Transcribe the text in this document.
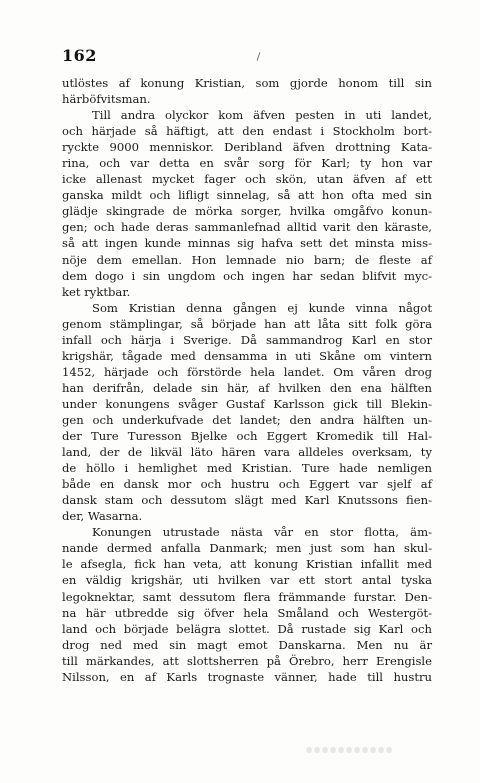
162
utlöstes af konung Kristian, som gjorde honom till sin
härböfvitsman.
Till andra olyckor kom äfven pesten in uti landet,
och härjade så häftigt, att den endast i Stockholm bort-
ryckte 9000 menniskor. Deribland äfven drottning Kata-
rina, och var detta en svår sorg för Karl; ty hon var
icke allenast mycket fager och skön, utan äfven af ett
ganska mildt och lifligt sinnelag, så att hon ofta med sin
glädje skingrade de mörka sorger, hvilka omgåfvo konun-
gen; och hade deras sammanlefnad alltid varit den käraste,
så att ingen kunde minnas sig hafva sett det minsta miss-
nöje dem emellan. Hon lemnade nio barn; de fleste af
dem dogo i sin ungdom och ingen har sedan blifvit myc-
ket ryktbar.
Som Kristian denna gången ej kunde vinna något
genom stämplingar, så började han att låta sitt folk göra
infall och härja i Sverige. Då sammandrog Karl en stor
krigshär, tågade med densamma in uti Skåne om vintern
1452, härjade och förstörde hela landet. Om våren drog
han derifrån, delade sin här, af hvilken den ena hälften
under konungens svåger Gustaf Karlsson gick till Blekin-
gen och underkufvade det landet; den andra hälften un-
der Ture Turesson Bjelke och Eggert Kromedik till Hal-
land, der de likväl läto hären vara alldeles overksam, ty
de höllo i hemlighet med Kristian. Ture hade nemligen
både en dansk mor och hustru och Eggert var sjelf af
dansk stam och dessutom slägt med Karl Knutssons fien-
der, Wasarna.
Konungen utrustade nästa vår en stor flotta, äm-
nande dermed anfalla Danmark; men just som han skul-
le afsegla, fick han veta, att konung Kristian infallit med
en väldig krigshär, uti hvilken var ett stort antal tyska
legoknektar, samt dessutom flera främmande furstar. Den-
na här utbredde sig öfver hela Småland och Westergöt-
land och började belägra slottet. Då rustade sig Karl och
drog ned med sin magt emot Danskarna. Men nu är
till märkandes, att slottsherren på Örebro, herr Erengisle
Nilsson, en af Karls trognaste vänner, hade till hustru
